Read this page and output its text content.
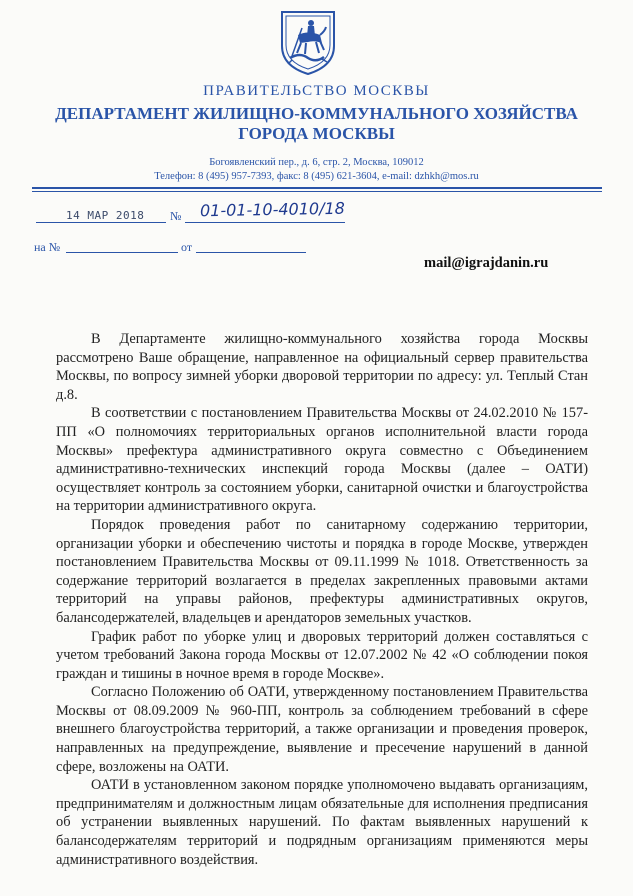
ПРАВИТЕЛЬСТВО МОСКВЫ
ДЕПАРТАМЕНТ ЖИЛИЩНО-КОММУНАЛЬНОГО ХОЗЯЙСТВА
ГОРОДА МОСКВЫ
Богоявленский пер., д. 6, стр. 2, Москва, 109012
Телефон: 8 (495) 957-7393, факс: 8 (495) 621-3604, e-mail: dzhkh@mos.ru
14 МАР 2018 № 01-01-10-4010/18
на №	от
mail@igrajdanin.ru

В Департаменте жилищно-коммунального хозяйства города Москвы рассмотрено Ваше обращение, направленное на официальный сервер правительства Москвы, по вопросу зимней уборки дворовой территории по адресу: ул. Теплый Стан д.8.

В соответствии с постановлением Правительства Москвы от 24.02.2010 № 157-ПП «О полномочиях территориальных органов исполнительной власти города Москвы» префектура административного округа совместно с Объединением административно-технических инспекций города Москвы (далее – ОАТИ) осуществляет контроль за состоянием уборки, санитарной очистки и благоустройства на территории административного округа.

Порядок проведения работ по санитарному содержанию территории, организации уборки и обеспечению чистоты и порядка в городе Москве, утвержден постановлением Правительства Москвы от 09.11.1999 № 1018. Ответственность за содержание территорий возлагается в пределах закрепленных правовыми актами территорий на управы районов, префектуры административных округов, балансодержателей, владельцев и арендаторов земельных участков.

График работ по уборке улиц и дворовых территорий должен составляться с учетом требований Закона города Москвы от 12.07.2002 № 42 «О соблюдении покоя граждан и тишины в ночное время в городе Москве».

Согласно Положению об ОАТИ, утвержденному постановлением Правительства Москвы от 08.09.2009 № 960-ПП, контроль за соблюдением требований в сфере внешнего благоустройства территорий, а также организации и проведения проверок, направленных на предупреждение, выявление и пресечение нарушений в данной сфере, возложены на ОАТИ.

ОАТИ в установленном законом порядке уполномочено выдавать организациям, предпринимателям и должностным лицам обязательные для исполнения предписания об устранении выявленных нарушений. По фактам выявленных нарушений к балансодержателям территорий и подрядным организациям применяются меры административного воздействия.
